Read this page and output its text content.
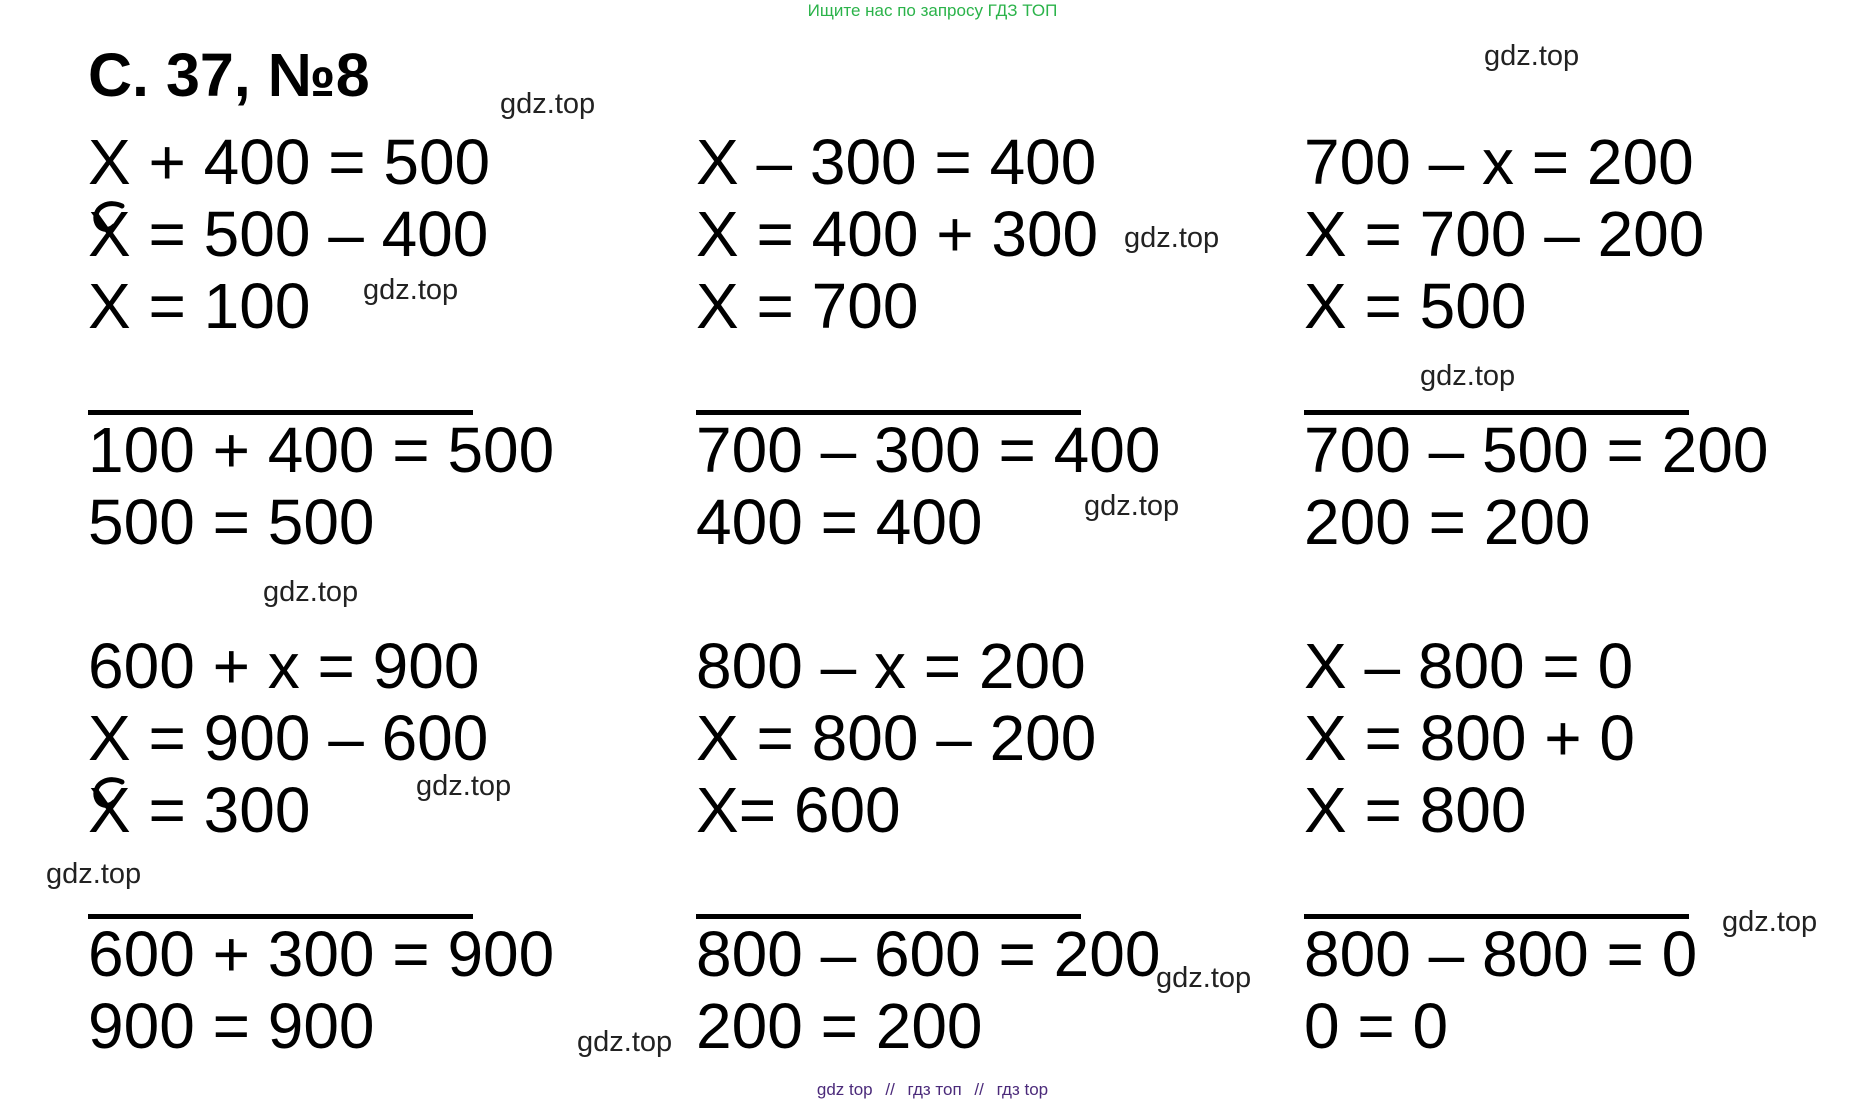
Ищите нас по запросу ГДЗ ТОП
С. 37, №8
X + 400 = 500
X = 500 – 400
X = 100
100 + 400 = 500
500 = 500
600 + x = 900
X = 900 – 600
X = 300
600 + 300 = 900
900 = 900
X – 300 = 400
X = 400 + 300
X = 700
700 – 300 = 400
400 = 400
800 – x = 200
X = 800 – 200
X= 600
800 – 600 = 200
200 = 200
700 – x = 200
X = 700 – 200
X = 500
700 – 500 = 200
200 = 200
X – 800 = 0
X = 800 + 0
X = 800
800 – 800 = 0
0 = 0
gdz.top
gdz.top
gdz.top
gdz.top
gdz.top
gdz.top
gdz.top
gdz.top
gdz.top
gdz.top
gdz.top
gdz.top
gdz top // гдз топ // гдз top
